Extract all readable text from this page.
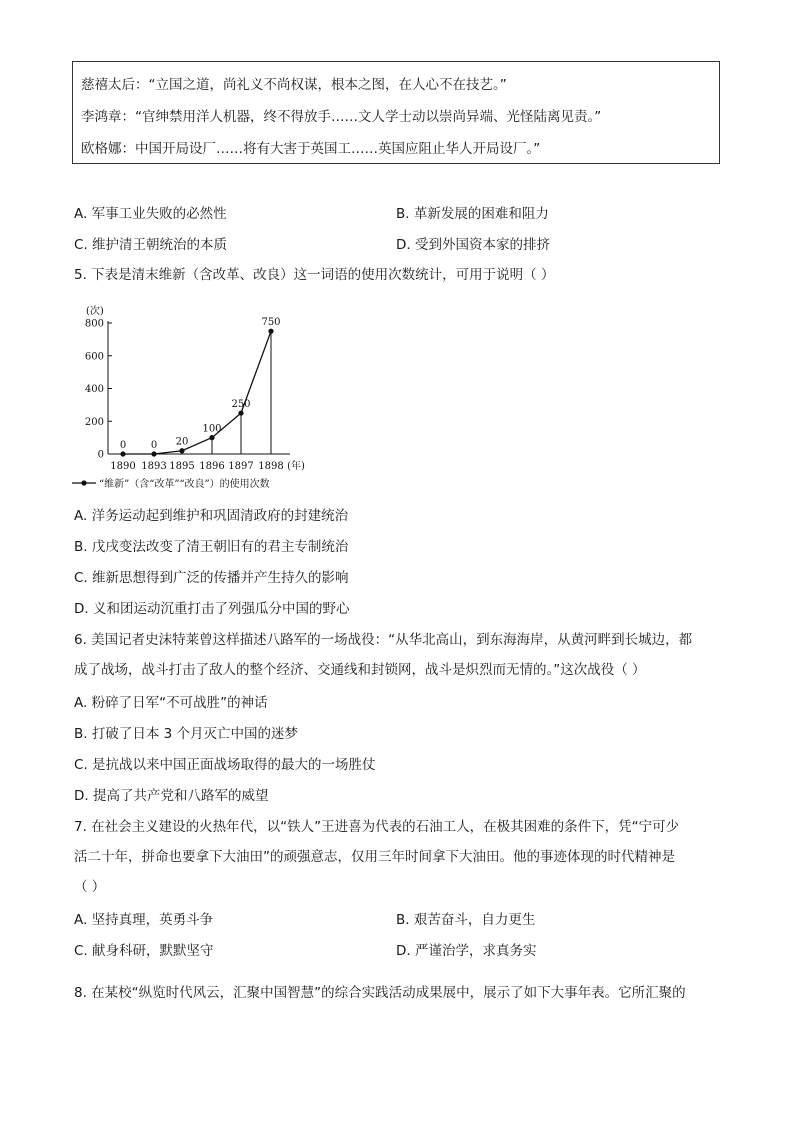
慈禧太后：“立国之道，尚礼义不尚权谋，根本之图，在人心不在技艺。”
李鸿章：“官绅禁用洋人机器，终不得放手……文人学士动以崇尚异端、光怪陆离见责。”
欧格娜：中国开局设厂……将有大害于英国工……英国应阻止华人开局设厂。”
A. 军事工业失败的必然性	B. 革新发展的困难和阻力
C. 维护清王朝统治的本质	D. 受到外国资本家的排挤
5. 下表是清末维新（含改革、改良）这一词语的使用次数统计，可用于说明（ ）
0
200
400
600
800
(次)
0 0 20
100
250
750
1890 1893 1895 1896 1897 1898 (年)
“维新”（含“改革”“改良”）的使用次数
A. 洋务运动起到维护和巩固清政府的封建统治
B. 戊戌变法改变了清王朝旧有的君主专制统治
C. 维新思想得到广泛的传播并产生持久的影响
D. 义和团运动沉重打击了列强瓜分中国的野心
6. 美国记者史沫特莱曾这样描述八路军的一场战役：“从华北高山，到东海海岸，从黄河畔到长城边，都
成了战场，战斗打击了敌人的整个经济、交通线和封锁网，战斗是炽烈而无情的。”这次战役（ ）
A. 粉碎了日军“不可战胜”的神话
B. 打破了日本 3 个月灭亡中国的迷梦
C. 是抗战以来中国正面战场取得的最大的一场胜仗
D. 提高了共产党和八路军的威望
7. 在社会主义建设的火热年代，以“铁人”王进喜为代表的石油工人，在极其困难的条件下，凭“宁可少
活二十年，拼命也要拿下大油田”的顽强意志，仅用三年时间拿下大油田。他的事迹体现的时代精神是
（ ）
A. 坚持真理，英勇斗争	B. 艰苦奋斗，自力更生
C. 献身科研，默默坚守	D. 严谨治学，求真务实
8. 在某校“纵览时代风云，汇聚中国智慧”的综合实践活动成果展中，展示了如下大事年表。它所汇聚的
